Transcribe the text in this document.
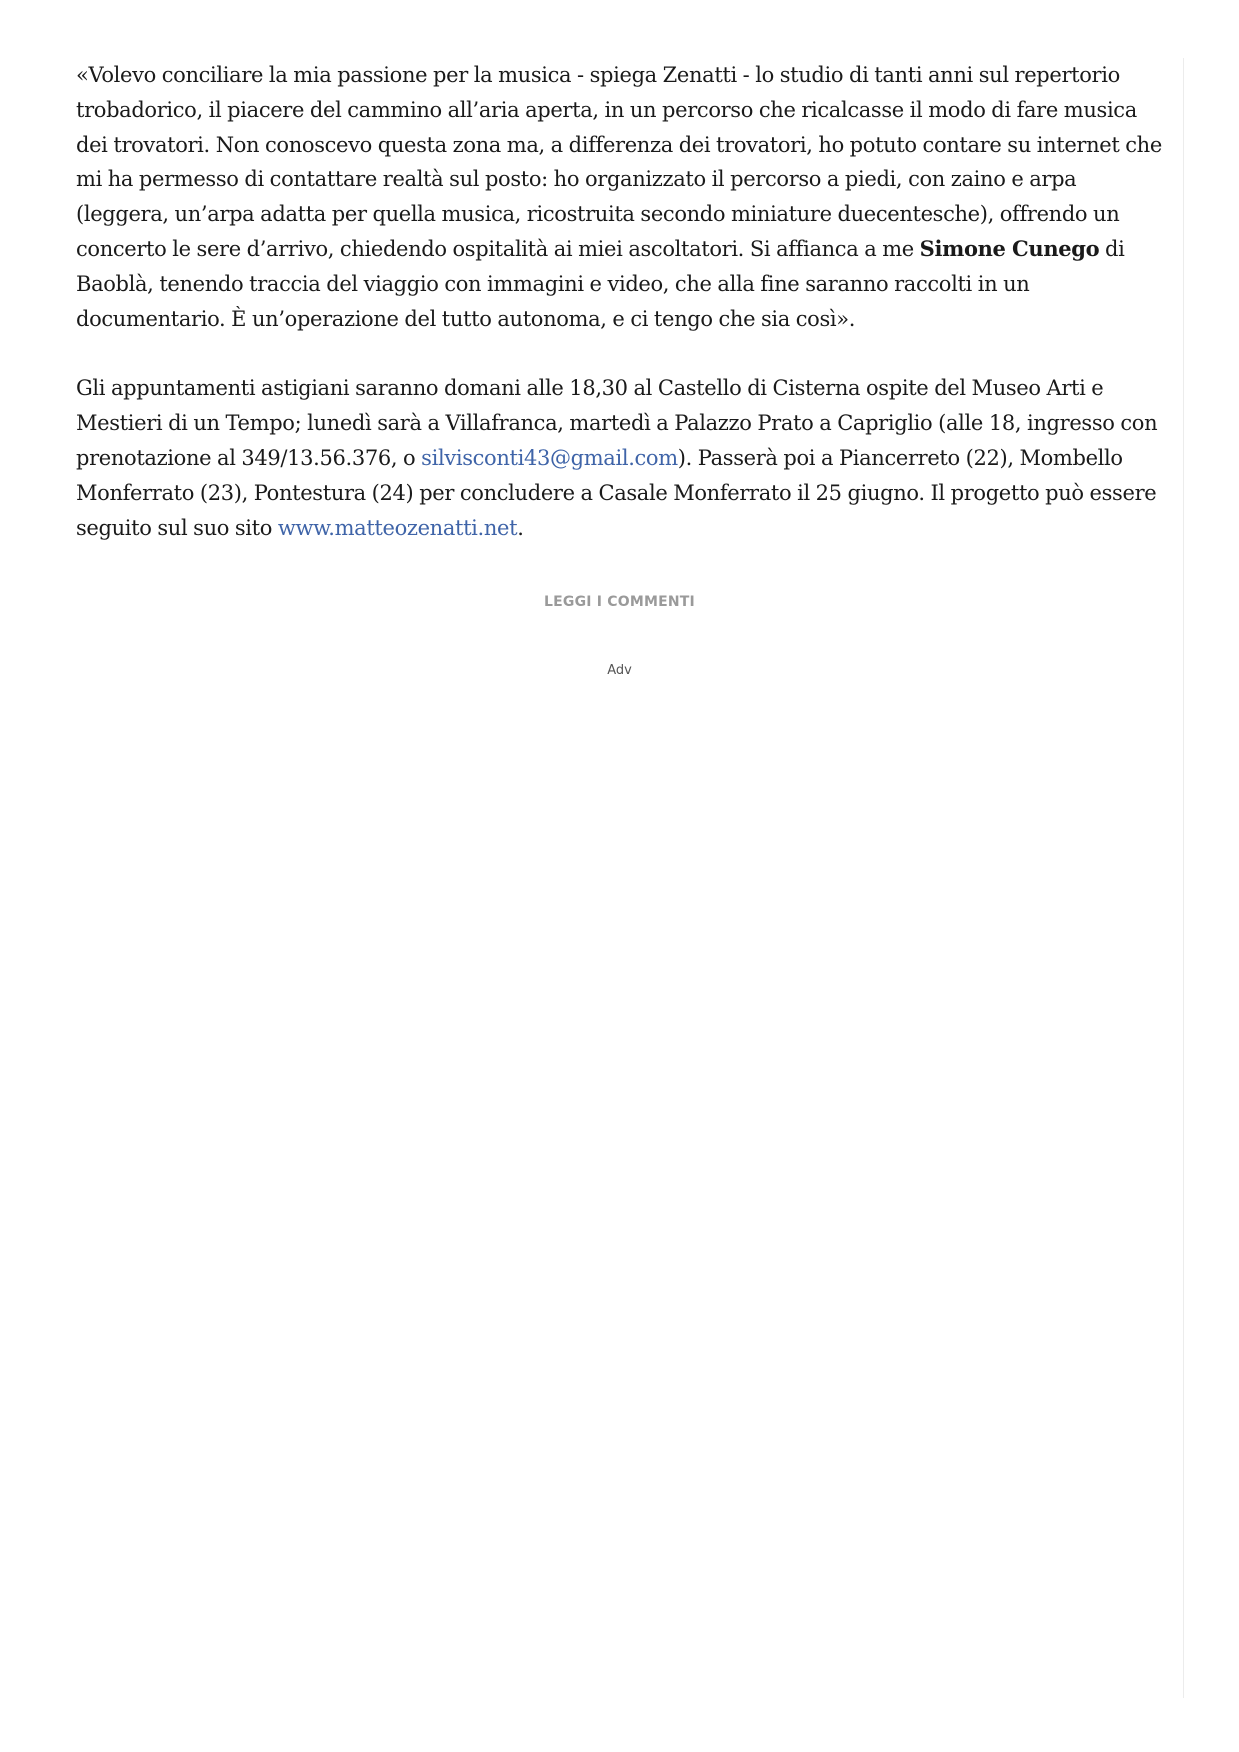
«Volevo conciliare la mia passione per la musica - spiega Zenatti - lo studio di tanti anni sul repertorio trobadorico, il piacere del cammino all’aria aperta, in un percorso che ricalcasse il modo di fare musica dei trovatori. Non conoscevo questa zona ma, a differenza dei trovatori, ho potuto contare su internet che mi ha permesso di contattare realtà sul posto: ho organizzato il percorso a piedi, con zaino e arpa (leggera, un’arpa adatta per quella musica, ricostruita secondo miniature duecentesche), offrendo un concerto le sere d’arrivo, chiedendo ospitalità ai miei ascoltatori. Si affianca a me Simone Cunego di Baoblà, tenendo traccia del viaggio con immagini e video, che alla fine saranno raccolti in un documentario. È un’operazione del tutto autonoma, e ci tengo che sia così».

Gli appuntamenti astigiani saranno domani alle 18,30 al Castello di Cisterna ospite del Museo Arti e Mestieri di un Tempo; lunedì sarà a Villafranca, martedì a Palazzo Prato a Capriglio (alle 18, ingresso con prenotazione al 349/13.56.376, o silvisconti43@gmail.com). Passerà poi a Piancerreto (22), Mombello Monferrato (23), Pontestura (24) per concludere a Casale Monferrato il 25 giugno. Il progetto può essere seguito sul suo sito www.matteozenatti.net.

LEGGI I COMMENTI
Adv
